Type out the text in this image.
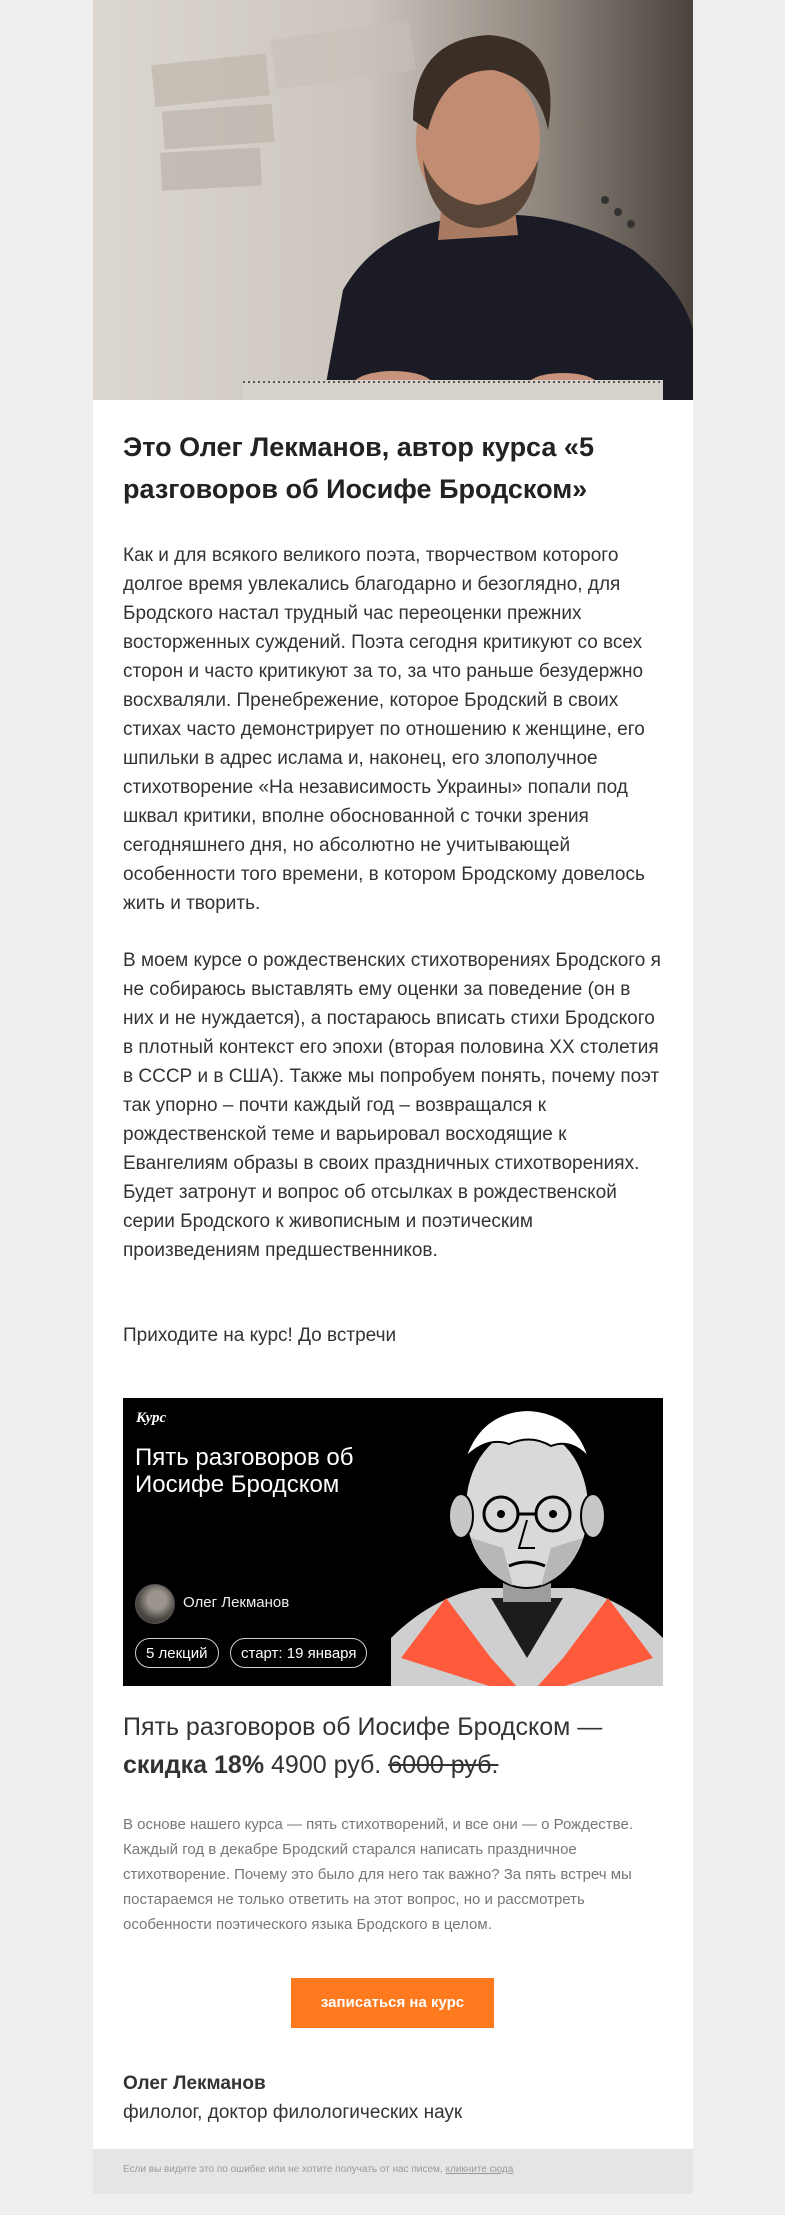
Это Олег Лекманов, автор курса «5 разговоров об Иосифе Бродском»

Как и для всякого великого поэта, творчеством которого долгое время увлекались благодарно и безоглядно, для Бродского настал трудный час переоценки прежних восторженных суждений. Поэта сегодня критикуют со всех сторон и часто критикуют за то, за что раньше безудержно восхваляли. Пренебрежение, которое Бродский в своих стихах часто демонстрирует по отношению к женщине, его шпильки в адрес ислама и, наконец, его злополучное стихотворение «На независимость Украины» попали под шквал критики, вполне обоснованной с точки зрения сегодняшнего дня, но абсолютно не учитывающей особенности того времени, в котором Бродскому довелось жить и творить.

В моем курсе о рождественских стихотворениях Бродского я не собираюсь выставлять ему оценки за поведение (он в них и не нуждается), а постараюсь вписать стихи Бродского в плотный контекст его эпохи (вторая половина XX столетия в СССР и в США). Также мы попробуем понять, почему поэт так упорно – почти каждый год – возвращался к рождественской теме и варьировал восходящие к Евангелиям образы в своих праздничных стихотворениях. Будет затронут и вопрос об отсылках в рождественской серии Бродского к живописным и поэтическим произведениям предшественников.

Приходите на курс! До встречи

Курс
Пять разговоров об Иосифе Бродском
Олег Лекманов
5 лекций	старт: 19 января
Пять разговоров об Иосифе Бродском —
скидка 18% 4900 руб. 6000 руб.
В основе нашего курса — пять стихотворений, и все они — о Рождестве. Каждый год в декабре Бродский старался написать праздничное стихотворение. Почему это было для него так важно? За пять встреч мы постараемся не только ответить на этот вопрос, но и рассмотреть особенности поэтического языка Бродского в целом.
записаться на курс
Олег Лекманов
филолог, доктор филологических наук
Если вы видите это по ошибке или не хотите получать от нас писем, кликните сюда
